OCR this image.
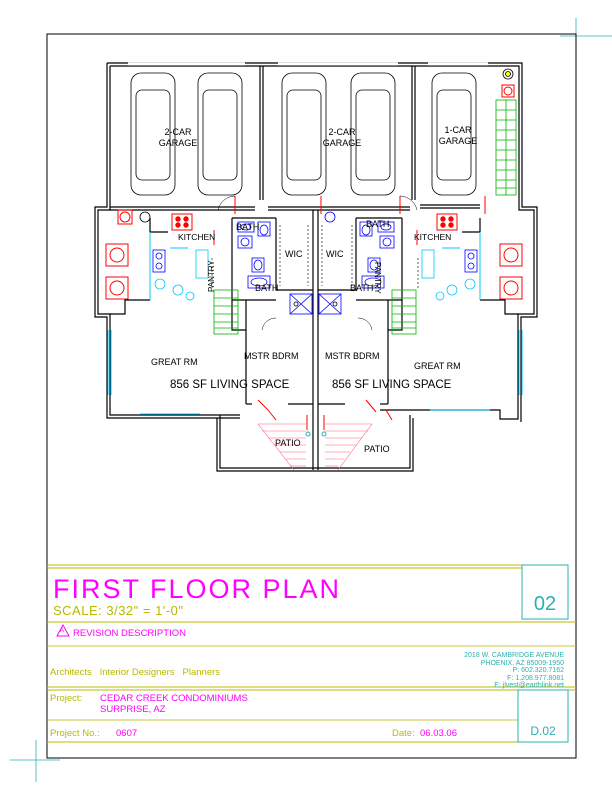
2-CAR
GARAGE
2-CAR
GARAGE
1-CAR
GARAGE
KITCHEN	KITCHEN
BATH	BATH
WIC	WIC
BATH	BATH
PANTRY	PANTRY
GREAT RM	GREAT RM
MSTR BDRM	MSTR BDRM
856 SF LIVING SPACE	856 SF LIVING SPACE
PATIO
PATIO
FIRST FLOOR PLAN
SCALE: 3/32" = 1'-0"	02
A REVISION DESCRIPTION
Architects   Interior Designers   Planners
2018 W. CAMBRIDGE AVENUE
PHOENIX, AZ 85009-1950
P: 602.320.7162
F: 1.208.977.8081
E: jlvest@earthlink.net
Project: CEDAR CREEK CONDOMINIUMS
SURPRISE, AZ
Project No.: 0607	Date: 06.03.06	D.02
